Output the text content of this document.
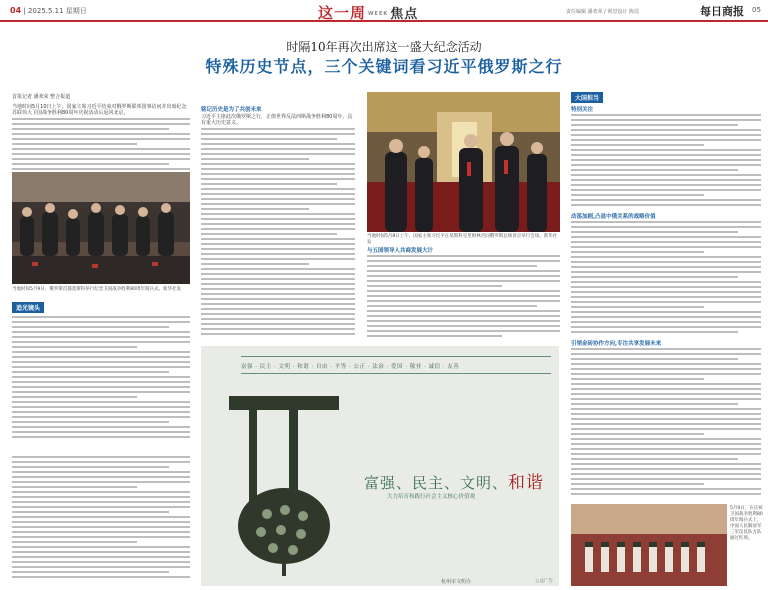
04 | 2025.5.11 星期日	这一周 WEEK 焦点	责任编辑 潘欢荣 / 视觉设计 陈瑶	每日商报 05
时隔10年再次出席这一盛大纪念活动
特殊历史节点，三个关键词看习近平俄罗斯之行
首报记者 潘欢荣 整合报道

当地时间5月10日上午，国家主席习近平结束对俄罗斯联邦国事访问并出席纪念苏联伟大卫国战争胜利80周年庆祝活动后返回北京。

当地时间5月9日，俄罗斯首都莫斯科举行纪念卫国战争胜利80周年阅兵式。新华社发
追光镜头
铭记历史是为了共创未来

习近平主席此次俄罗斯之行，正值世界反法西斯战争胜利80周年，具有重大历史意义。

当地时间5月8日上午，国家主席习近平在莫斯科克里姆林宫同俄罗斯总统普京举行会谈。新华社发
与五国领导人共商发展大计
富强 · 民主 · 文明 · 和谐 · 自由 · 平等 · 公正 · 法治 · 爱国 · 敬业 · 诚信 · 友善
富强、民主、文明、和谐
大力培育和践行社会主义核心价值观
杭州市文明办	公益广告
大国担当
特别关注
动荡加剧,凸显中俄关系的战略价值
引领金砖协作方向,专注共享发展未来
5月9日，在庆祝卫国战争胜利80周年阅兵式上，中国人民解放军三军仪仗队方队通过红场。
